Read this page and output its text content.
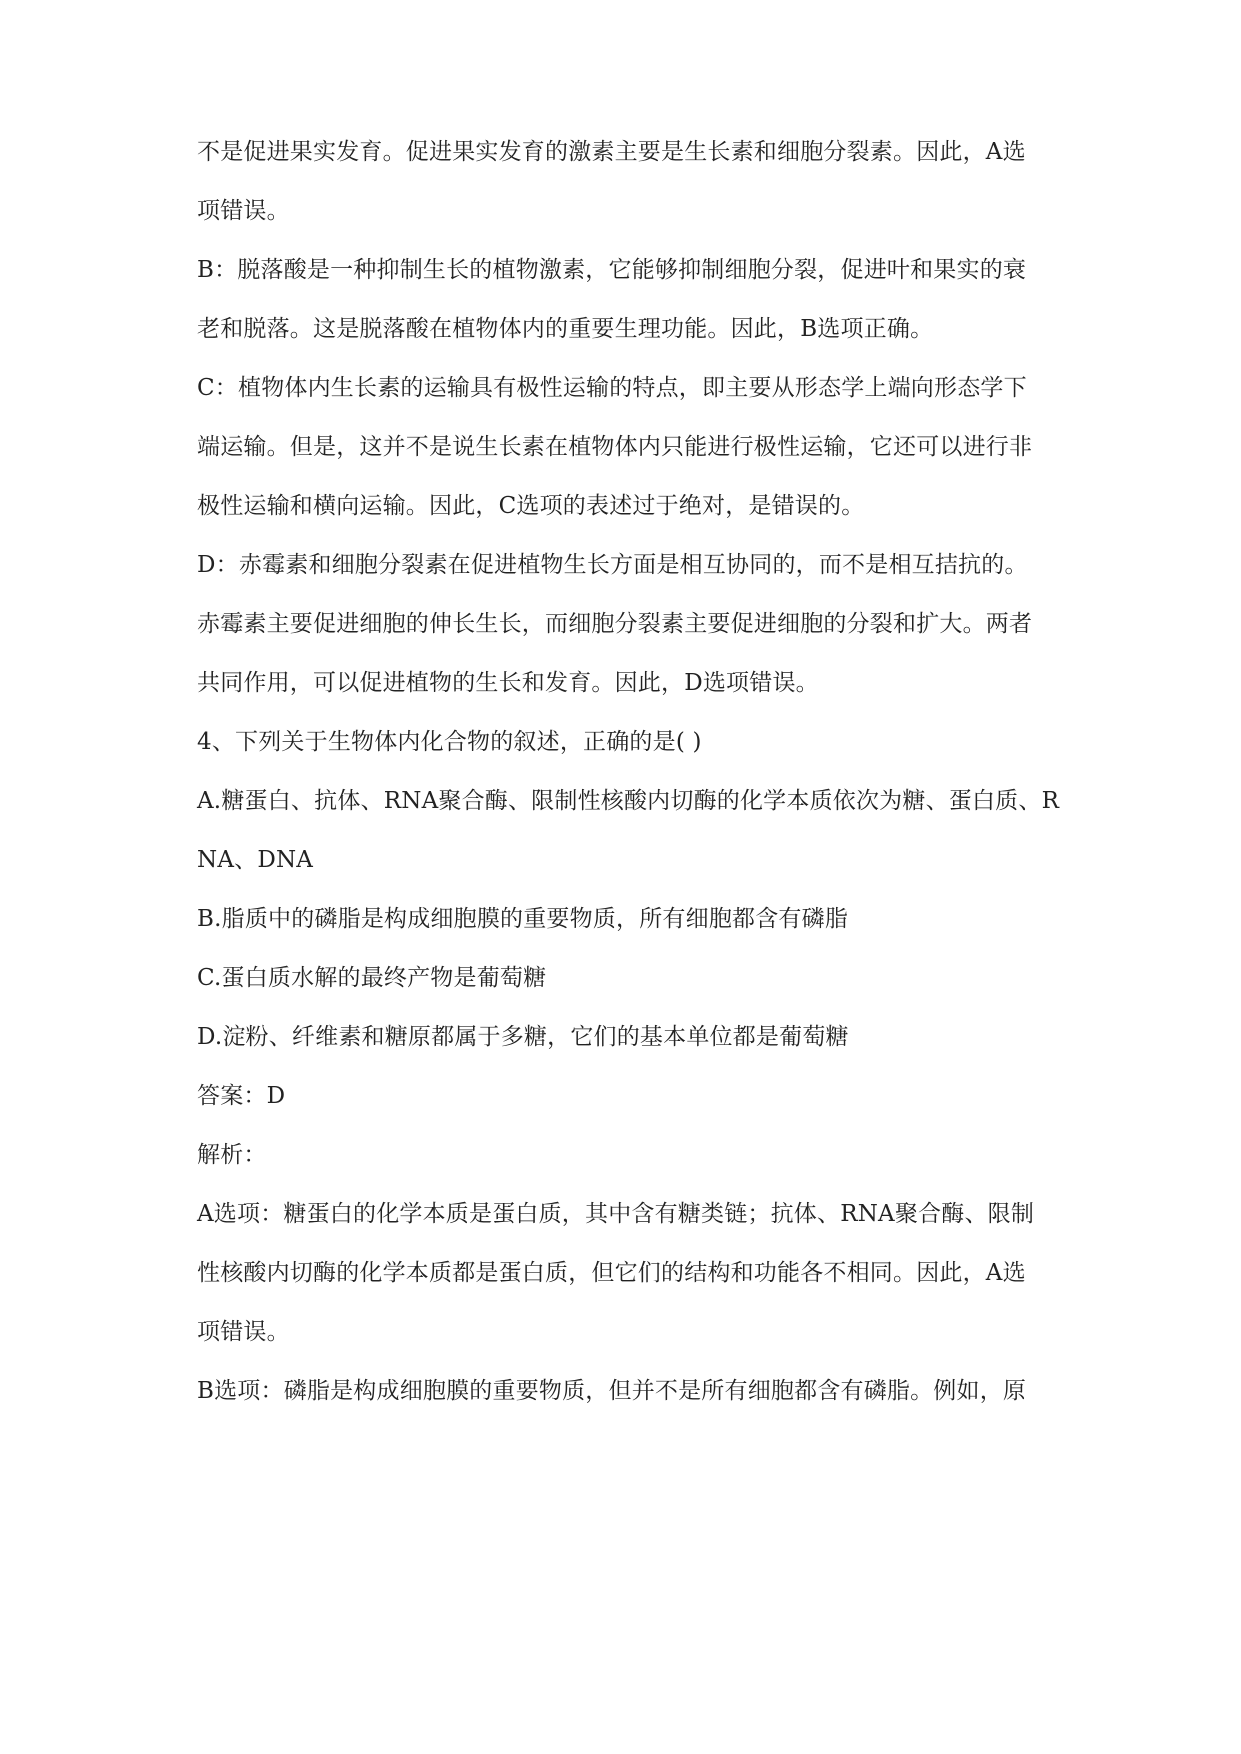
不是促进果实发育。促进果实发育的激素主要是生长素和细胞分裂素。因此，A选
项错误。
B：脱落酸是一种抑制生长的植物激素，它能够抑制细胞分裂，促进叶和果实的衰
老和脱落。这是脱落酸在植物体内的重要生理功能。因此，B选项正确。
C：植物体内生长素的运输具有极性运输的特点，即主要从形态学上端向形态学下
端运输。但是，这并不是说生长素在植物体内只能进行极性运输，它还可以进行非
极性运输和横向运输。因此，C选项的表述过于绝对，是错误的。
D：赤霉素和细胞分裂素在促进植物生长方面是相互协同的，而不是相互拮抗的。
赤霉素主要促进细胞的伸长生长，而细胞分裂素主要促进细胞的分裂和扩大。两者
共同作用，可以促进植物的生长和发育。因此，D选项错误。
4、下列关于生物体内化合物的叙述，正确的是( )
A.糖蛋白、抗体、RNA聚合酶、限制性核酸内切酶的化学本质依次为糖、蛋白质、R
NA、DNA
B.脂质中的磷脂是构成细胞膜的重要物质，所有细胞都含有磷脂
C.蛋白质水解的最终产物是葡萄糖
D.淀粉、纤维素和糖原都属于多糖，它们的基本单位都是葡萄糖
答案：D
解析：
A选项：糖蛋白的化学本质是蛋白质，其中含有糖类链；抗体、RNA聚合酶、限制
性核酸内切酶的化学本质都是蛋白质，但它们的结构和功能各不相同。因此，A选
项错误。
B选项：磷脂是构成细胞膜的重要物质，但并不是所有细胞都含有磷脂。例如，原
